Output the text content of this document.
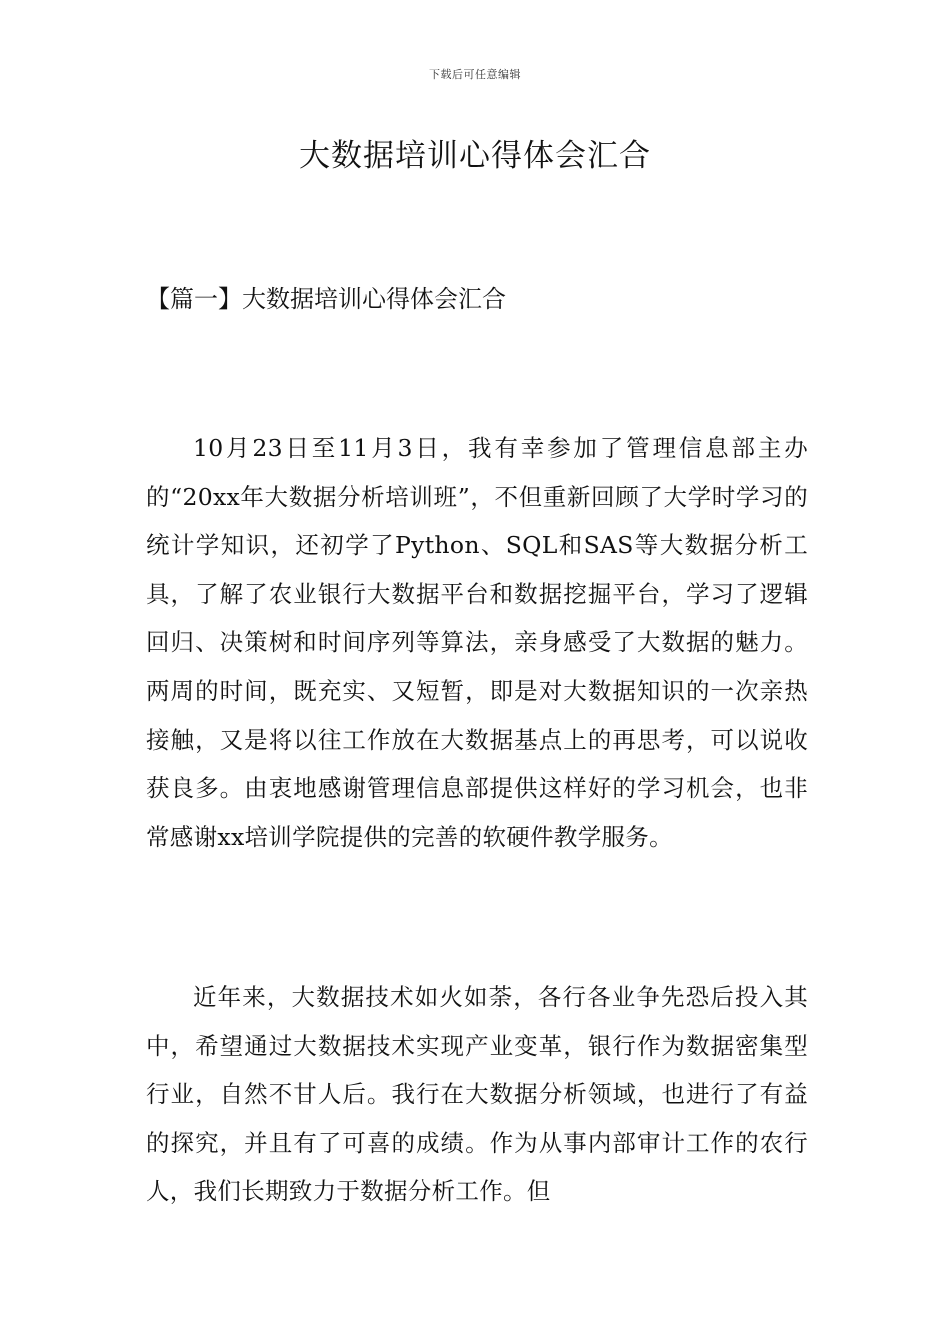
下载后可任意编辑
大数据培训心得体会汇合
【篇一】大数据培训心得体会汇合

10月23日至11月3日，我有幸参加了管理信息部主办的“20xx年大数据分析培训班”，不但重新回顾了大学时学习的统计学知识，还初学了Python、SQL和SAS等大数据分析工具，了解了农业银行大数据平台和数据挖掘平台，学习了逻辑回归、决策树和时间序列等算法，亲身感受了大数据的魅力。两周的时间，既充实、又短暂，即是对大数据知识的一次亲热接触，又是将以往工作放在大数据基点上的再思考，可以说收获良多。由衷地感谢管理信息部提供这样好的学习机会，也非常感谢xx培训学院提供的完善的软硬件教学服务。

近年来，大数据技术如火如荼，各行各业争先恐后投入其中，希望通过大数据技术实现产业变革，银行作为数据密集型行业，自然不甘人后。我行在大数据分析领域，也进行了有益的探究，并且有了可喜的成绩。作为从事内部审计工作的农行人，我们长期致力于数据分析工作。但
